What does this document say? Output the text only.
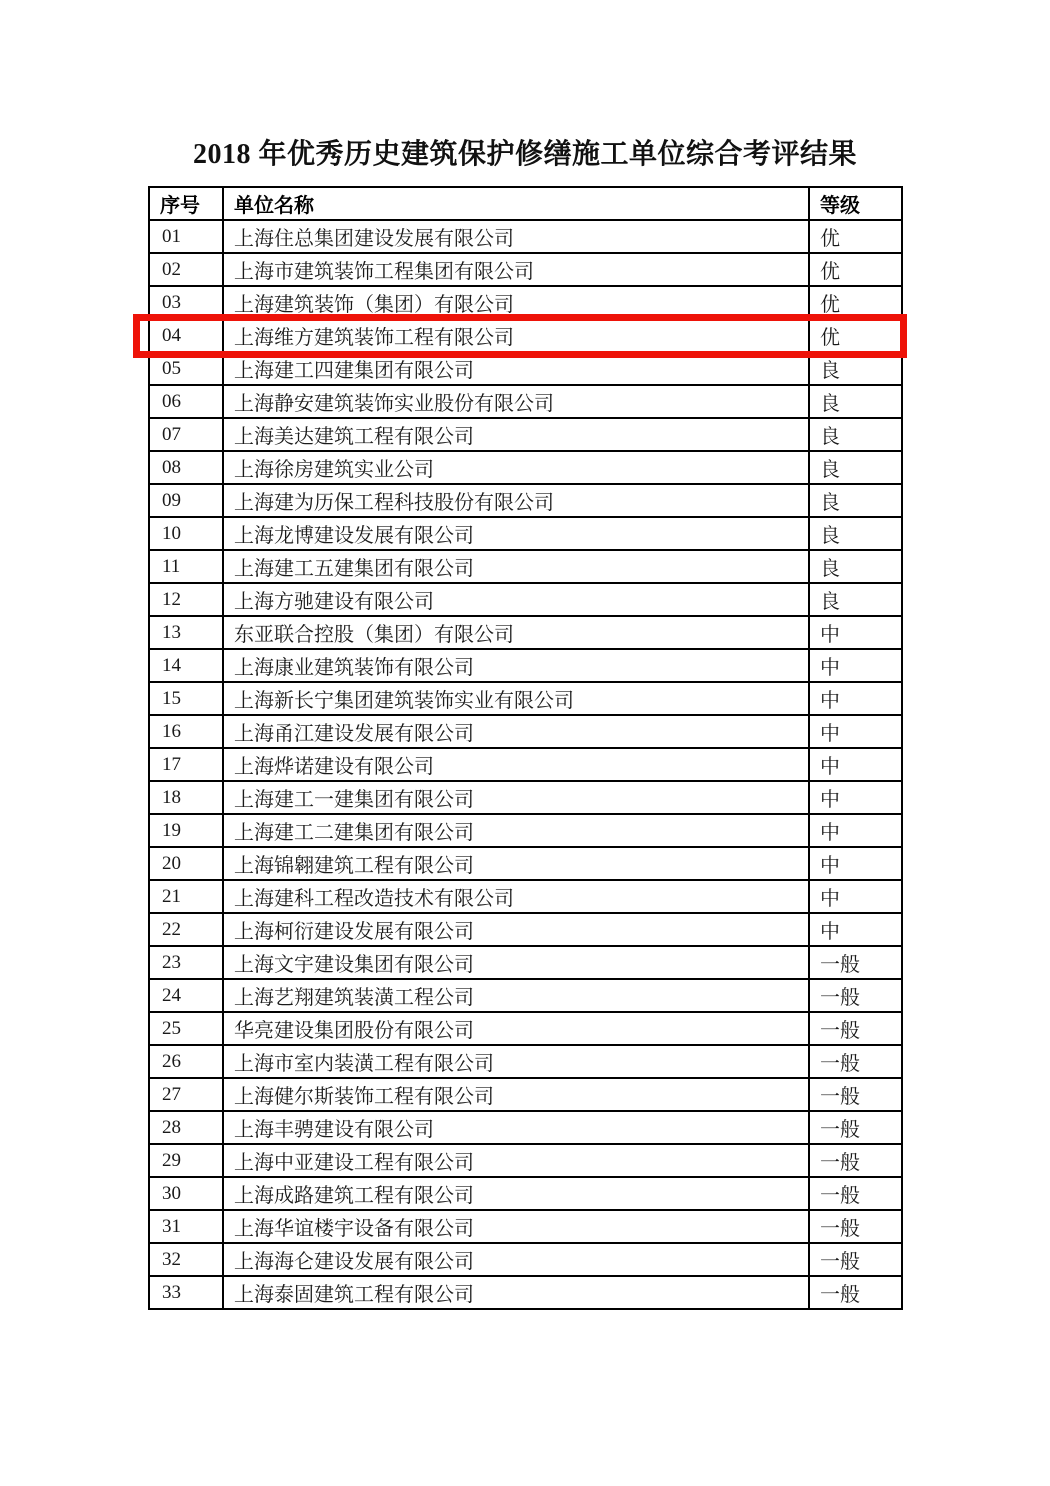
2018 年优秀历史建筑保护修缮施工单位综合考评结果
序号	单位名称	等级
01	上海住总集团建设发展有限公司	优
02	上海市建筑装饰工程集团有限公司	优
03	上海建筑装饰（集团）有限公司	优
04	上海维方建筑装饰工程有限公司	优
05	上海建工四建集团有限公司	良
06	上海静安建筑装饰实业股份有限公司	良
07	上海美达建筑工程有限公司	良
08	上海徐房建筑实业公司	良
09	上海建为历保工程科技股份有限公司	良
10	上海龙博建设发展有限公司	良
11	上海建工五建集团有限公司	良
12	上海方驰建设有限公司	良
13	东亚联合控股（集团）有限公司	中
14	上海康业建筑装饰有限公司	中
15	上海新长宁集团建筑装饰实业有限公司	中
16	上海甬江建设发展有限公司	中
17	上海烨诺建设有限公司	中
18	上海建工一建集团有限公司	中
19	上海建工二建集团有限公司	中
20	上海锦翱建筑工程有限公司	中
21	上海建科工程改造技术有限公司	中
22	上海柯衍建设发展有限公司	中
23	上海文宇建设集团有限公司	一般
24	上海艺翔建筑装潢工程公司	一般
25	华亮建设集团股份有限公司	一般
26	上海市室内装潢工程有限公司	一般
27	上海健尔斯装饰工程有限公司	一般
28	上海丰骋建设有限公司	一般
29	上海中亚建设工程有限公司	一般
30	上海成路建筑工程有限公司	一般
31	上海华谊楼宇设备有限公司	一般
32	上海海仑建设发展有限公司	一般
33	上海泰固建筑工程有限公司	一般
